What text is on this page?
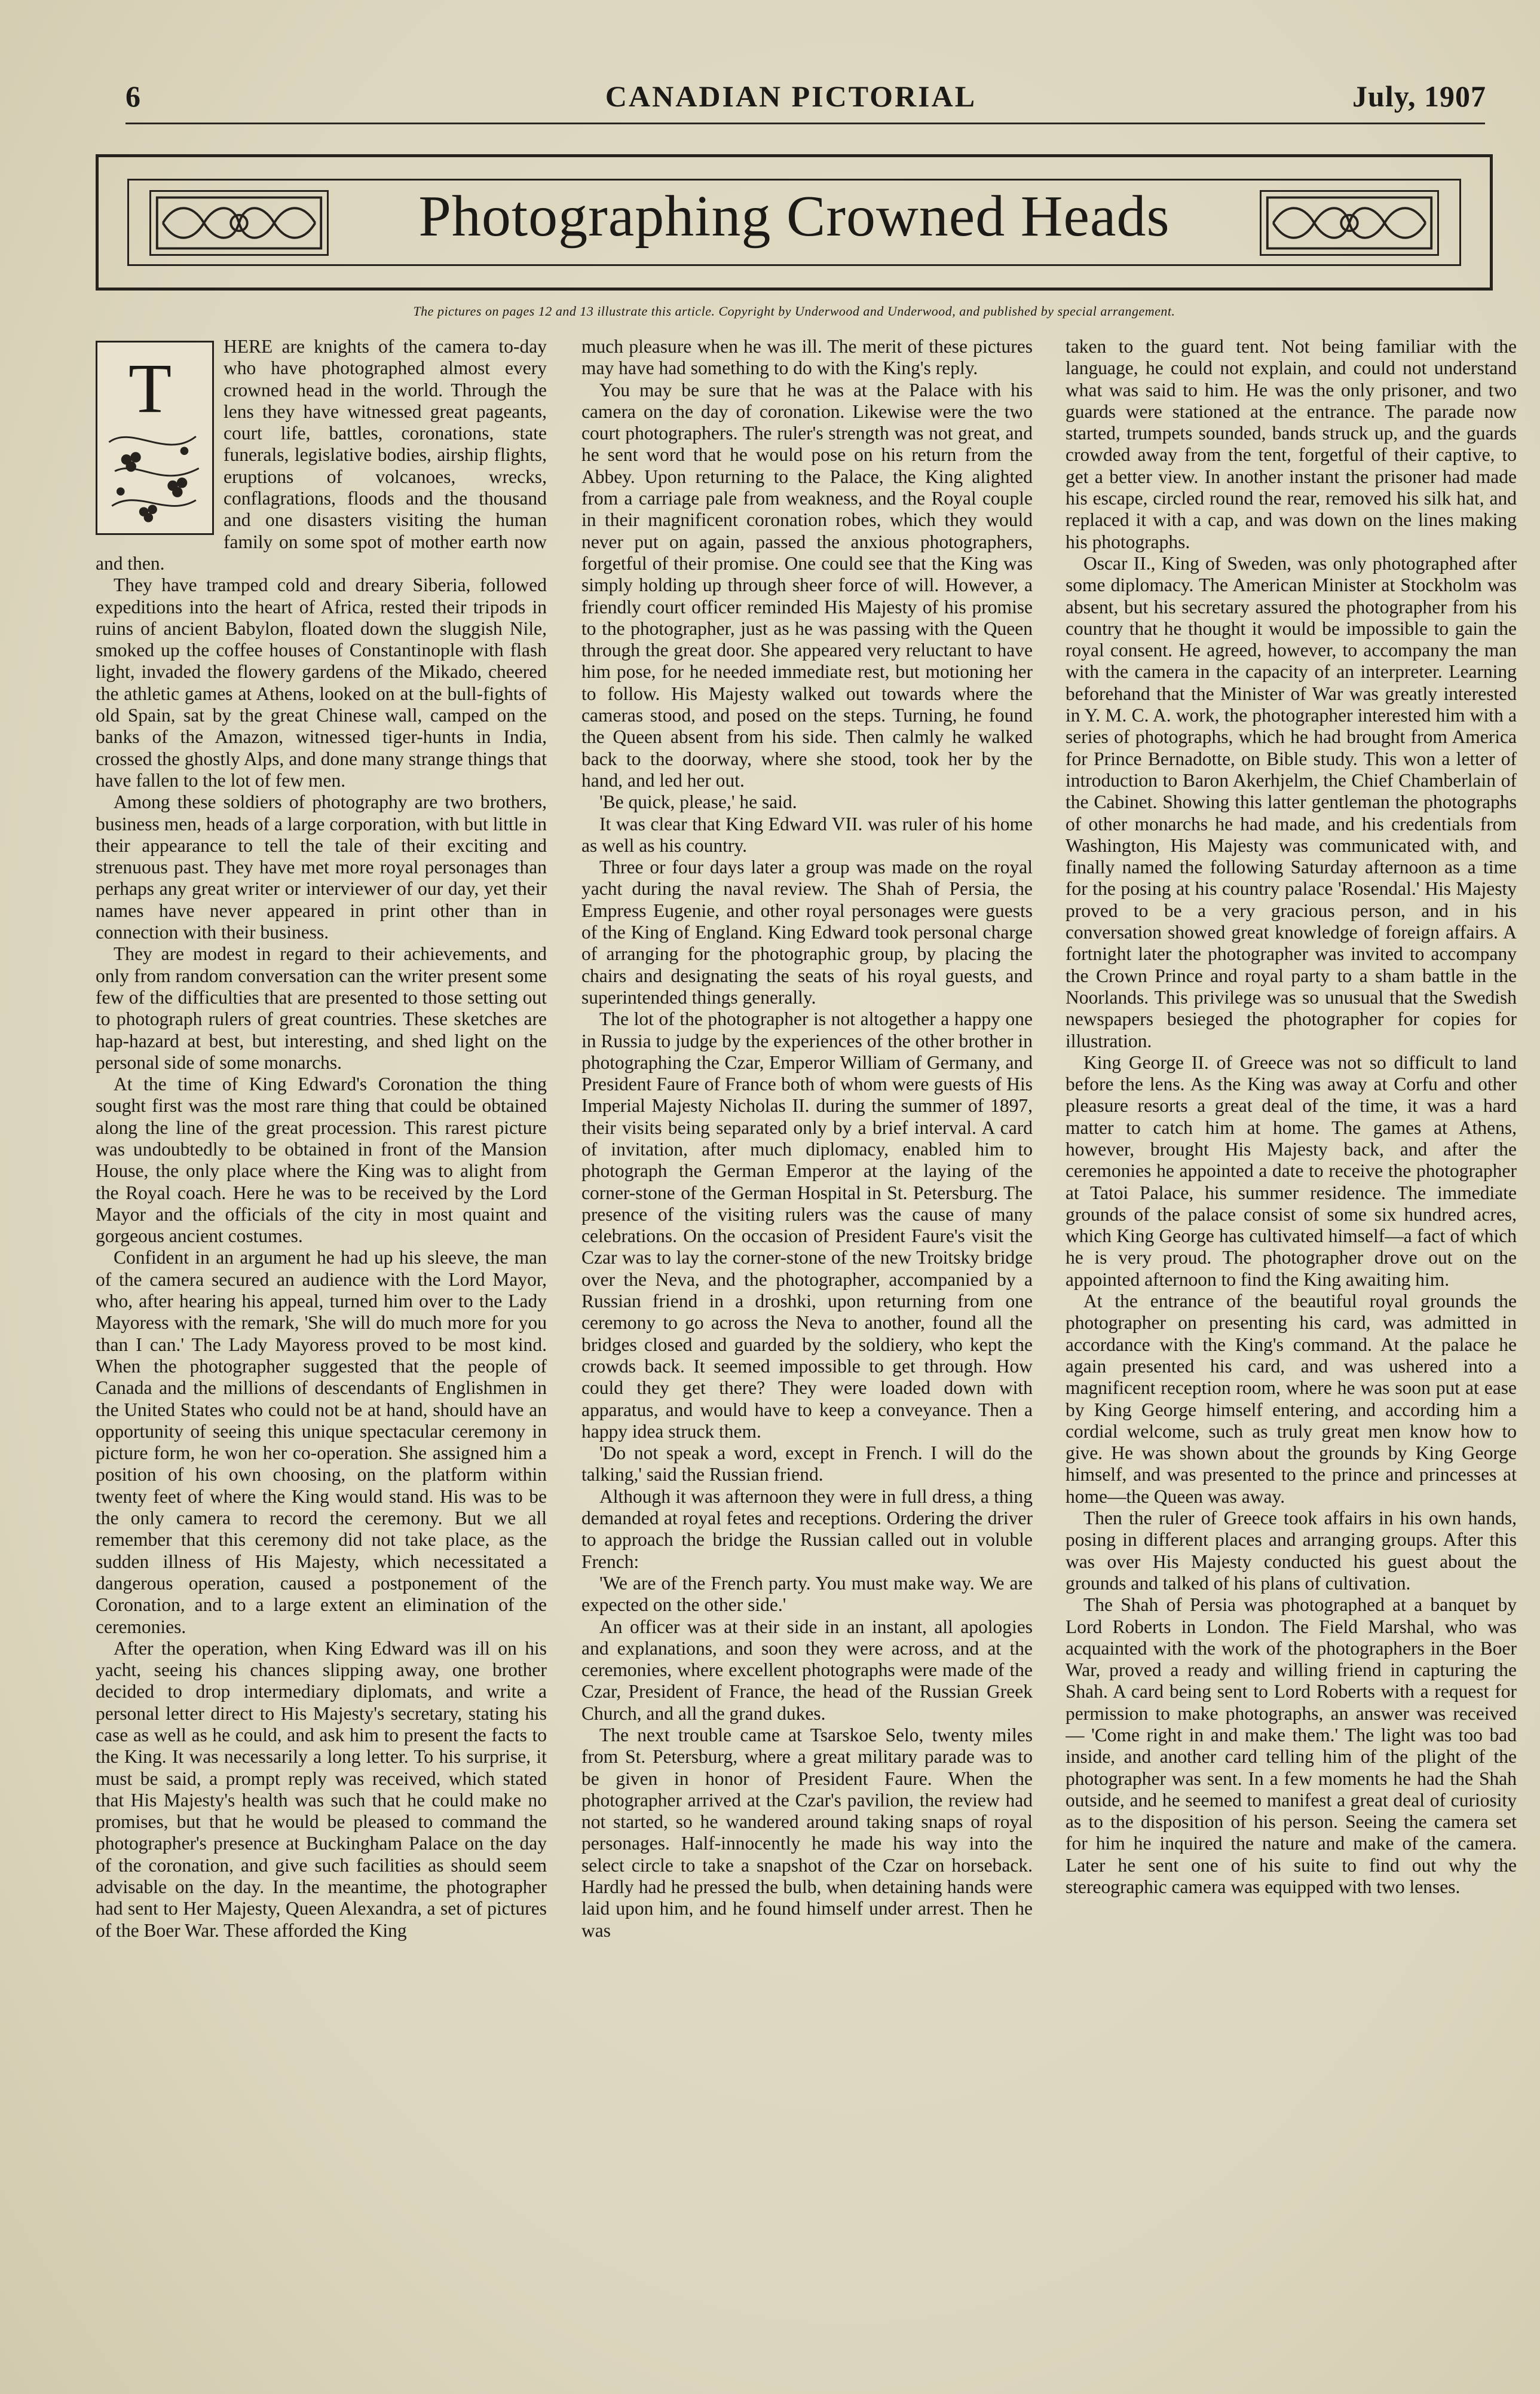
6	CANADIAN PICTORIAL	July, 1907
Photographing Crowned Heads
The pictures on pages 12 and 13 illustrate this article. Copyright by Underwood and Underwood, and published by special arrangement.
T

HERE are knights of the camera to-day who have photographed almost every crowned head in the world. Through the lens they have witnessed great pageants, court life, battles, coronations, state funerals, legislative bodies, airship flights, eruptions of volcanoes, wrecks, conflagrations, floods and the thousand and one disasters visiting the human family on some spot of mother earth now and then.

They have tramped cold and dreary Siberia, followed expeditions into the heart of Africa, rested their tripods in ruins of ancient Babylon, floated down the sluggish Nile, smoked up the coffee houses of Constantinople with flash light, invaded the flowery gardens of the Mikado, cheered the athletic games at Athens, looked on at the bull-fights of old Spain, sat by the great Chinese wall, camped on the banks of the Amazon, witnessed tiger-hunts in India, crossed the ghostly Alps, and done many strange things that have fallen to the lot of few men.

Among these soldiers of photography are two brothers, business men, heads of a large corporation, with but little in their appearance to tell the tale of their exciting and strenuous past. They have met more royal personages than perhaps any great writer or interviewer of our day, yet their names have never appeared in print other than in connection with their business.

They are modest in regard to their achievements, and only from random conversation can the writer present some few of the difficulties that are presented to those setting out to photograph rulers of great countries. These sketches are hap-hazard at best, but interesting, and shed light on the personal side of some monarchs.

At the time of King Edward's Coronation the thing sought first was the most rare thing that could be obtained along the line of the great procession. This rarest picture was undoubtedly to be obtained in front of the Mansion House, the only place where the King was to alight from the Royal coach. Here he was to be received by the Lord Mayor and the officials of the city in most quaint and gorgeous ancient costumes.

Confident in an argument he had up his sleeve, the man of the camera secured an audience with the Lord Mayor, who, after hearing his appeal, turned him over to the Lady Mayoress with the remark, 'She will do much more for you than I can.' The Lady Mayoress proved to be most kind. When the photographer suggested that the people of Canada and the millions of descendants of Englishmen in the United States who could not be at hand, should have an opportunity of seeing this unique spectacular ceremony in picture form, he won her co-operation. She assigned him a position of his own choosing, on the platform within twenty feet of where the King would stand. His was to be the only camera to record the ceremony. But we all remember that this ceremony did not take place, as the sudden illness of His Majesty, which necessitated a dangerous operation, caused a postponement of the Coronation, and to a large extent an elimination of the ceremonies.

After the operation, when King Edward was ill on his yacht, seeing his chances slipping away, one brother decided to drop intermediary diplomats, and write a personal letter direct to His Majesty's secretary, stating his case as well as he could, and ask him to present the facts to the King. It was necessarily a long letter. To his surprise, it must be said, a prompt reply was received, which stated that His Majesty's health was such that he could make no promises, but that he would be pleased to command the photographer's presence at Buckingham Palace on the day of the coronation, and give such facilities as should seem advisable on the day. In the meantime, the photographer had sent to Her Majesty, Queen Alexandra, a set of pictures of the Boer War. These afforded the King

much pleasure when he was ill. The merit of these pictures may have had something to do with the King's reply.

You may be sure that he was at the Palace with his camera on the day of coronation. Likewise were the two court photographers. The ruler's strength was not great, and he sent word that he would pose on his return from the Abbey. Upon returning to the Palace, the King alighted from a carriage pale from weakness, and the Royal couple in their magnificent coronation robes, which they would never put on again, passed the anxious photographers, forgetful of their promise. One could see that the King was simply holding up through sheer force of will. However, a friendly court officer reminded His Majesty of his promise to the photographer, just as he was passing with the Queen through the great door. She appeared very reluctant to have him pose, for he needed immediate rest, but motioning her to follow. His Majesty walked out towards where the cameras stood, and posed on the steps. Turning, he found the Queen absent from his side. Then calmly he walked back to the doorway, where she stood, took her by the hand, and led her out.

'Be quick, please,' he said.

It was clear that King Edward VII. was ruler of his home as well as his country.

Three or four days later a group was made on the royal yacht during the naval review. The Shah of Persia, the Empress Eugenie, and other royal personages were guests of the King of England. King Edward took personal charge of arranging for the photographic group, by placing the chairs and designating the seats of his royal guests, and superintended things generally.

The lot of the photographer is not altogether a happy one in Russia to judge by the experiences of the other brother in photographing the Czar, Emperor William of Germany, and President Faure of France both of whom were guests of His Imperial Majesty Nicholas II. during the summer of 1897, their visits being separated only by a brief interval. A card of invitation, after much diplomacy, enabled him to photograph the German Emperor at the laying of the corner-stone of the German Hospital in St. Petersburg. The presence of the visiting rulers was the cause of many celebrations. On the occasion of President Faure's visit the Czar was to lay the corner-stone of the new Troitsky bridge over the Neva, and the photographer, accompanied by a Russian friend in a droshki, upon returning from one ceremony to go across the Neva to another, found all the bridges closed and guarded by the soldiery, who kept the crowds back. It seemed impossible to get through. How could they get there? They were loaded down with apparatus, and would have to keep a conveyance. Then a happy idea struck them.

'Do not speak a word, except in French. I will do the talking,' said the Russian friend.

Although it was afternoon they were in full dress, a thing demanded at royal fetes and receptions. Ordering the driver to approach the bridge the Russian called out in voluble French:

'We are of the French party. You must make way. We are expected on the other side.'

An officer was at their side in an instant, all apologies and explanations, and soon they were across, and at the ceremonies, where excellent photographs were made of the Czar, President of France, the head of the Russian Greek Church, and all the grand dukes.

The next trouble came at Tsarskoe Selo, twenty miles from St. Petersburg, where a great military parade was to be given in honor of President Faure. When the photographer arrived at the Czar's pavilion, the review had not started, so he wandered around taking snaps of royal personages. Half-innocently he made his way into the select circle to take a snapshot of the Czar on horseback. Hardly had he pressed the bulb, when detaining hands were laid upon him, and he found himself under arrest. Then he was

taken to the guard tent. Not being familiar with the language, he could not explain, and could not understand what was said to him. He was the only prisoner, and two guards were stationed at the entrance. The parade now started, trumpets sounded, bands struck up, and the guards crowded away from the tent, forgetful of their captive, to get a better view. In another instant the prisoner had made his escape, circled round the rear, removed his silk hat, and replaced it with a cap, and was down on the lines making his photographs.

Oscar II., King of Sweden, was only photographed after some diplomacy. The American Minister at Stockholm was absent, but his secretary assured the photographer from his country that he thought it would be impossible to gain the royal consent. He agreed, however, to accompany the man with the camera in the capacity of an interpreter. Learning beforehand that the Minister of War was greatly interested in Y. M. C. A. work, the photographer interested him with a series of photographs, which he had brought from America for Prince Bernadotte, on Bible study. This won a letter of introduction to Baron Akerhjelm, the Chief Chamberlain of the Cabinet. Showing this latter gentleman the photographs of other monarchs he had made, and his credentials from Washington, His Majesty was communicated with, and finally named the following Saturday afternoon as a time for the posing at his country palace 'Rosendal.' His Majesty proved to be a very gracious person, and in his conversation showed great knowledge of foreign affairs. A fortnight later the photographer was invited to accompany the Crown Prince and royal party to a sham battle in the Noorlands. This privilege was so unusual that the Swedish newspapers besieged the photographer for copies for illustration.

King George II. of Greece was not so difficult to land before the lens. As the King was away at Corfu and other pleasure resorts a great deal of the time, it was a hard matter to catch him at home. The games at Athens, however, brought His Majesty back, and after the ceremonies he appointed a date to receive the photographer at Tatoi Palace, his summer residence. The immediate grounds of the palace consist of some six hundred acres, which King George has cultivated himself—a fact of which he is very proud. The photographer drove out on the appointed afternoon to find the King awaiting him.

At the entrance of the beautiful royal grounds the photographer on presenting his card, was admitted in accordance with the King's command. At the palace he again presented his card, and was ushered into a magnificent reception room, where he was soon put at ease by King George himself entering, and according him a cordial welcome, such as truly great men know how to give. He was shown about the grounds by King George himself, and was presented to the prince and princesses at home—the Queen was away.

Then the ruler of Greece took affairs in his own hands, posing in different places and arranging groups. After this was over His Majesty conducted his guest about the grounds and talked of his plans of cultivation.

The Shah of Persia was photographed at a banquet by Lord Roberts in London. The Field Marshal, who was acquainted with the work of the photographers in the Boer War, proved a ready and willing friend in capturing the Shah. A card being sent to Lord Roberts with a request for permission to make photographs, an answer was received — 'Come right in and make them.' The light was too bad inside, and another card telling him of the plight of the photographer was sent. In a few moments he had the Shah outside, and he seemed to manifest a great deal of curiosity as to the disposition of his person. Seeing the camera set for him he inquired the nature and make of the camera. Later he sent one of his suite to find out why the stereographic camera was equipped with two lenses.
